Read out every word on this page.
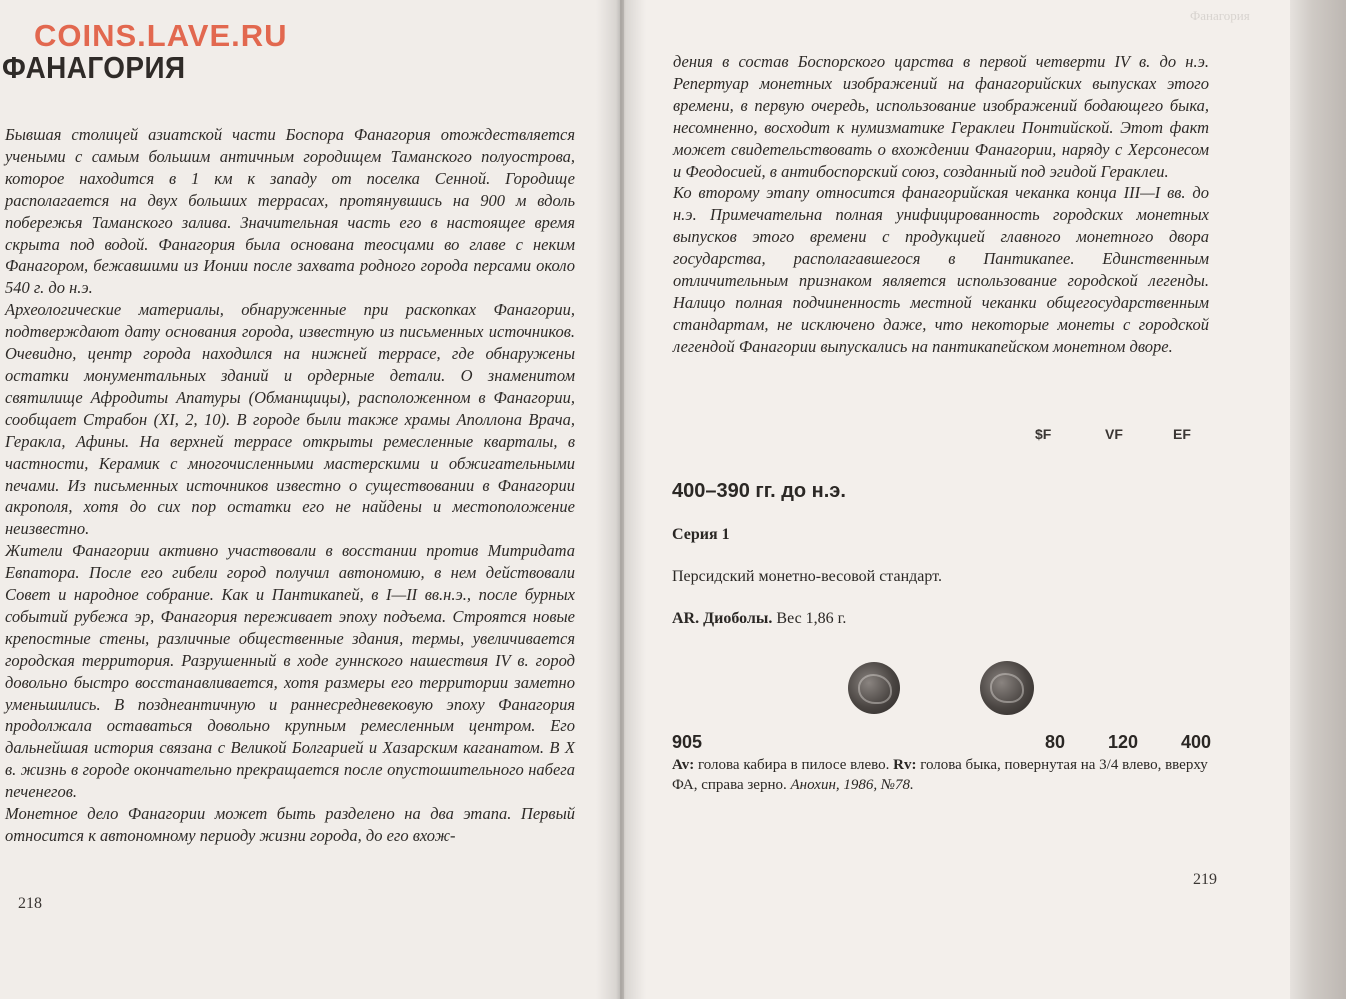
Фанагория
COINS.LAVE.RU
ФАНАГОРИЯ

Бывшая столицей азиатской части Боспора Фанагория отождествляется учеными с самым большим античным городищем Таманского полуострова, которое находится в 1 км к западу от поселка Сенной. Городище располагается на двух больших террасах, протянувшись на 900 м вдоль побережья Таманского залива. Значительная часть его в настоящее время скрыта под водой. Фанагория была основана теосцами во главе с неким Фанагором, бежавшими из Ионии после захвата родного города персами около 540 г. до н.э.

Археологические материалы, обнаруженные при раскопках Фанагории, подтверждают дату основания города, известную из письменных источников. Очевидно, центр города находился на нижней террасе, где обнаружены остатки монументальных зданий и ордерные детали. О знаменитом святилище Афродиты Апатуры (Обманщицы), расположенном в Фанагории, сообщает Страбон (XI, 2, 10). В городе были также храмы Аполлона Врача, Геракла, Афины. На верхней террасе открыты ремесленные кварталы, в частности, Керамик с многочисленными мастерскими и обжигательными печами. Из письменных источников известно о существовании в Фанагории акрополя, хотя до сих пор остатки его не найдены и местоположение неизвестно.

Жители Фанагории активно участвовали в восстании против Митридата Евпатора. После его гибели город получил автономию, в нем действовали Совет и народное собрание. Как и Пантикапей, в I—II вв.н.э., после бурных событий рубежа эр, Фанагория переживает эпоху подъема. Строятся новые крепостные стены, различные общественные здания, термы, увеличивается городская территория. Разрушенный в ходе гуннского нашествия IV в. город довольно быстро восстанавливается, хотя размеры его территории заметно уменьшились. В позднеантичную и раннесредневековую эпоху Фанагория продолжала оставаться довольно крупным ремесленным центром. Его дальнейшая история связана с Великой Болгарией и Хазарским каганатом. В X в. жизнь в городе окончательно прекращается после опустошительного набега печенегов.

Монетное дело Фанагории может быть разделено на два этапа. Первый относится к автономному периоду жизни города, до его вхож-

218

дения в состав Боспорского царства в первой четверти IV в. до н.э. Репертуар монетных изображений на фанагорийских выпусках этого времени, в первую очередь, использование изображений бодающего быка, несомненно, восходит к нумизматике Гераклеи Понтийской. Этот факт может свидетельствовать о вхождении Фанагории, наряду с Херсонесом и Феодосией, в антибоспорский союз, созданный под эгидой Гераклеи.

Ко второму этапу относится фанагорийская чеканка конца III—I вв. до н.э. Примечательна полная унифицированность городских монетных выпусков этого времени с продукцией главного монетного двора государства, располагавшегося в Пантикапее. Единственным отличительным признаком является использование городской легенды. Налицо полная подчиненность местной чеканки общегосударственным стандартам, не исключено даже, что некоторые монеты с городской легендой Фанагории выпускались на пантикапейском монетном дворе.

$F	VF	EF
400–390 гг. до н.э.
Серия 1
Персидский монетно-весовой стандарт.
AR. Диоболы. Вес 1,86 г.
905	80 120 400
Av: голова кабира в пилосе влево. Rv: голова быка, повернутая на 3/4 влево, вверху ФА, справа зерно. Анохин, 1986, №78.
219
